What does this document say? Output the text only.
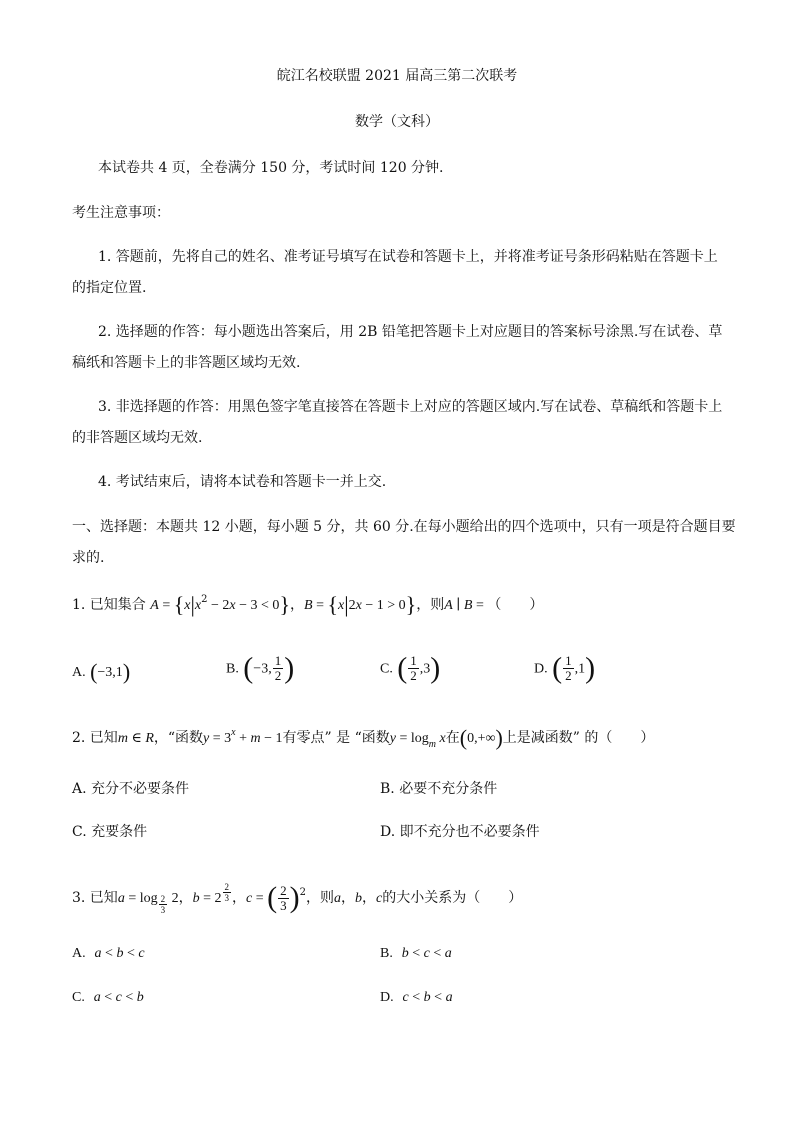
皖江名校联盟 2021 届高三第二次联考
数学（文科）
本试卷共 4 页，全卷满分 150 分，考试时间 120 分钟.
考生注意事项：
1. 答题前，先将自己的姓名、准考证号填写在试卷和答题卡上，并将准考证号条形码粘贴在答题卡上
的指定位置.
2. 选择题的作答：每小题选出答案后，用 2B 铅笔把答题卡上对应题目的答案标号涂黑.写在试卷、草
稿纸和答题卡上的非答题区域均无效.
3. 非选择题的作答：用黑色签字笔直接答在答题卡上对应的答题区域内.写在试卷、草稿纸和答题卡上
的非答题区域均无效.
4. 考试结束后，请将本试卷和答题卡一并上交.
一、选择题：本题共 12 小题，每小题 5 分，共 60 分.在每小题给出的四个选项中，只有一项是符合题目要
求的.
1. 已知集合 $A = \{x|x^2 - 2x - 3 < 0\}$，B = {x|2x − 1 > 0}，则A ∣ B = （　　）
A. (−3,1)	B. (−3, $\frac{1}{2}$ )	C. ( $\frac{1}{2} ,3$)	D. ( $\frac{1}{2} ,1$)
2. 已知m ∈ R，“函数$y = 3^x + m - 1$有零点” 是 “函数$y = \log_m x$在(0,+∞)上是减函数” 的（　　）
A. 充分不必要条件	B. 必要不充分条件
C. 充要条件	D. 即不充分也不必要条件
3. 已知a = log $_{\frac{2}{3}}$ 2，b = 2 $^{\frac{2}{3}}$ ，c = ( $\frac{2}{3} )^2$，则a，b，c的大小关系为（　　）
A. a < b < c	B. b < c < a
C. a < c < b	D. c < b < a
